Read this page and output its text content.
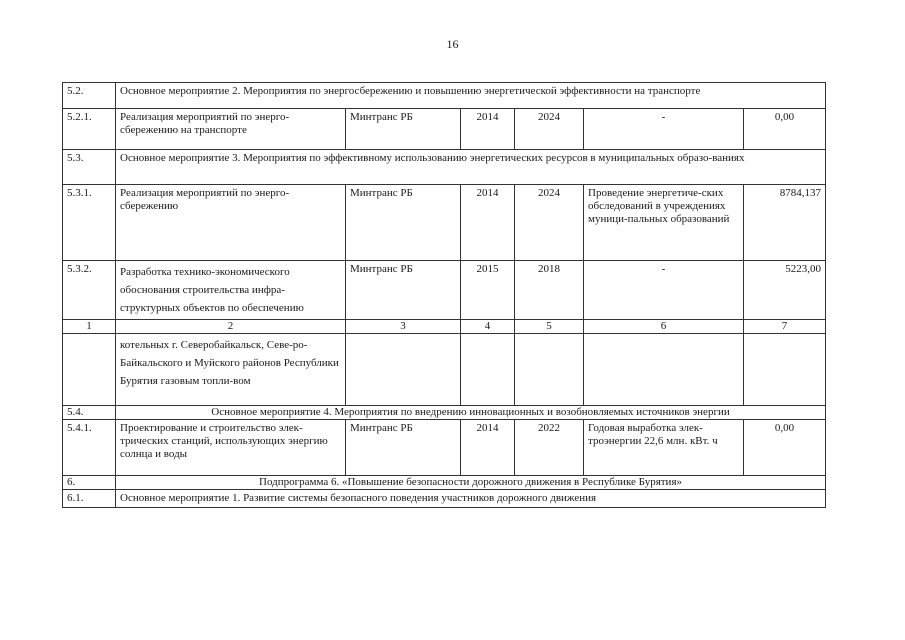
16
5.2.	Основное мероприятие 2. Мероприятия по энергосбережению и повышению энергетической эффективности на транспорте					
5.2.1.	Реализация мероприятий по энерго-сбережению на транспорте	Минтранс РБ	2014	2024	-	0,00
5.3.	Основное мероприятие 3. Мероприятия по эффективному использованию энергетических ресурсов в муниципальных образо-ваниях					
5.3.1.	Реализация мероприятий по энерго-сбережению	Минтранс РБ	2014	2024	Проведение энергетиче-ских обследований в учреждениях муници-пальных образований	8784,137
5.3.2.	Разработка технико-экономического обоснования строительства инфра-структурных объектов по обеспечению	Минтранс РБ	2015	2018	-	5223,00
1	2	3	4	5	6	7
	котельных г. Северобайкальск, Севе-ро-Байкальского и Муйского районов Республики Бурятия газовым топли-вом					
5.4.	Основное мероприятие 4. Мероприятия по внедрению инновационных и возобновляемых источников энергии					
5.4.1.	Проектирование и строительство элек-трических станций, использующих энергию солнца и воды	Минтранс РБ	2014	2022	Годовая выработка элек-троэнергии 22,6 млн. кВт. ч	0,00
6.	Подпрограмма 6. «Повышение безопасности дорожного движения в Республике Бурятия»					
6.1.	Основное мероприятие 1. Развитие системы безопасного поведения участников дорожного движения					
